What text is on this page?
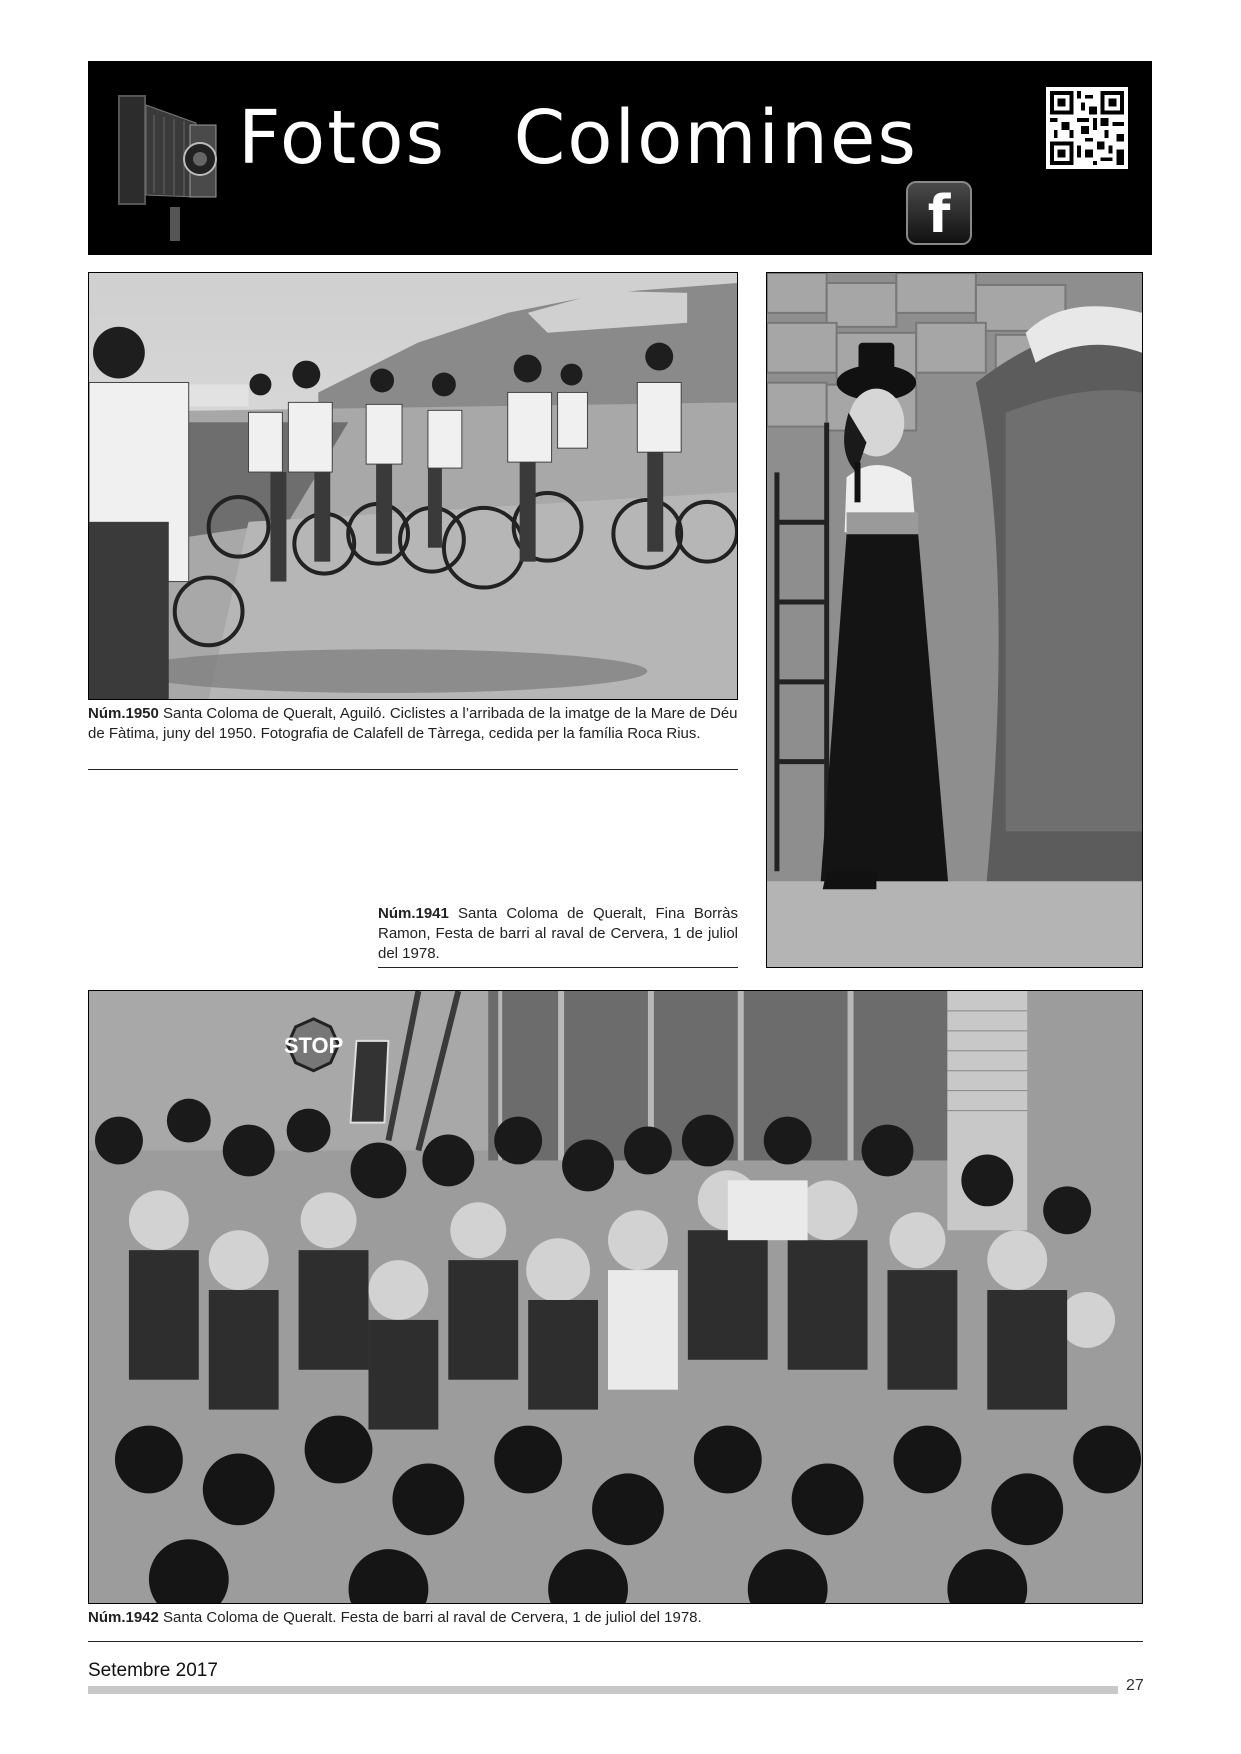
Fotos Colomines
f
Núm.1950 Santa Coloma de Queralt, Aguiló. Ciclistes a l’arribada de la imatge de la Mare de Déu de Fàtima, juny del 1950. Fotografia de Calafell de Tàrrega, cedida per la família Roca Rius.
Núm.1941 Santa Coloma de Queralt, Fina Borràs Ramon, Festa de barri al raval de Cervera, 1 de juliol del 1978.
STOP
Núm.1942 Santa Coloma de Queralt. Festa de barri al raval de Cervera, 1 de juliol del 1978.
Setembre 2017
27
